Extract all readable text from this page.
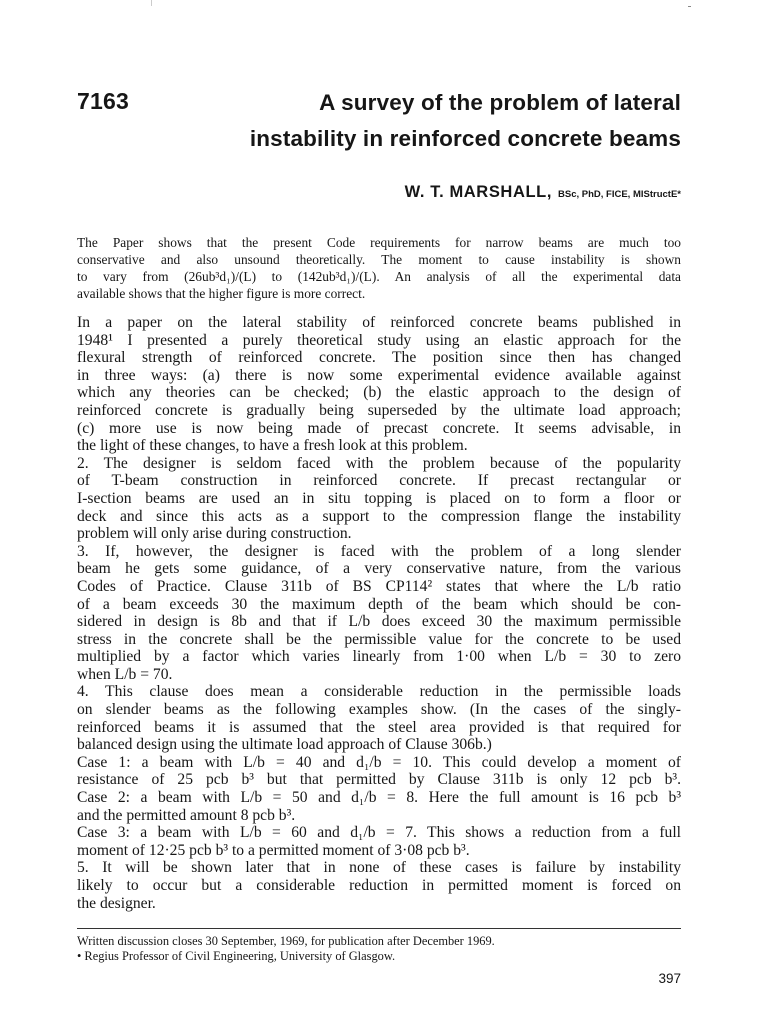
7163	A survey of the problem of lateral
instability in reinforced concrete beams
W. T. MARSHALL, BSc, PhD, FICE, MIStructE*
The Paper shows that the present Code requirements for narrow beams are much too
conservative and also unsound theoretically. The moment to cause instability is shown
to vary from (26ub³d₁)/(L) to (142ub³d₁)/(L). An analysis of all the experimental data
available shows that the higher figure is more correct.
In a paper on the lateral stability of reinforced concrete beams published in
1948¹ I presented a purely theoretical study using an elastic approach for the
flexural strength of reinforced concrete. The position since then has changed
in three ways: (a) there is now some experimental evidence available against
which any theories can be checked; (b) the elastic approach to the design of
reinforced concrete is gradually being superseded by the ultimate load approach;
(c) more use is now being made of precast concrete. It seems advisable, in
the light of these changes, to have a fresh look at this problem.
2. The designer is seldom faced with the problem because of the popularity
of T-beam construction in reinforced concrete. If precast rectangular or
I-section beams are used an in situ topping is placed on to form a floor or
deck and since this acts as a support to the compression flange the instability
problem will only arise during construction.
3. If, however, the designer is faced with the problem of a long slender
beam he gets some guidance, of a very conservative nature, from the various
Codes of Practice. Clause 311b of BS CP114² states that where the L/b ratio
of a beam exceeds 30 the maximum depth of the beam which should be con-
sidered in design is 8b and that if L/b does exceed 30 the maximum permissible
stress in the concrete shall be the permissible value for the concrete to be used
multiplied by a factor which varies linearly from 1·00 when L/b = 30 to zero
when L/b = 70.
4. This clause does mean a considerable reduction in the permissible loads
on slender beams as the following examples show. (In the cases of the singly-
reinforced beams it is assumed that the steel area provided is that required for
balanced design using the ultimate load approach of Clause 306b.)
Case 1: a beam with L/b = 40 and d₁/b = 10. This could develop a moment of
resistance of 25 pcb b³ but that permitted by Clause 311b is only 12 pcb b³.
Case 2: a beam with L/b = 50 and d₁/b = 8. Here the full amount is 16 pcb b³
and the permitted amount 8 pcb b³.
Case 3: a beam with L/b = 60 and d₁/b = 7. This shows a reduction from a full
moment of 12·25 pcb b³ to a permitted moment of 3·08 pcb b³.
5. It will be shown later that in none of these cases is failure by instability
likely to occur but a considerable reduction in permitted moment is forced on
the designer.
Written discussion closes 30 September, 1969, for publication after December 1969.
• Regius Professor of Civil Engineering, University of Glasgow.
397
